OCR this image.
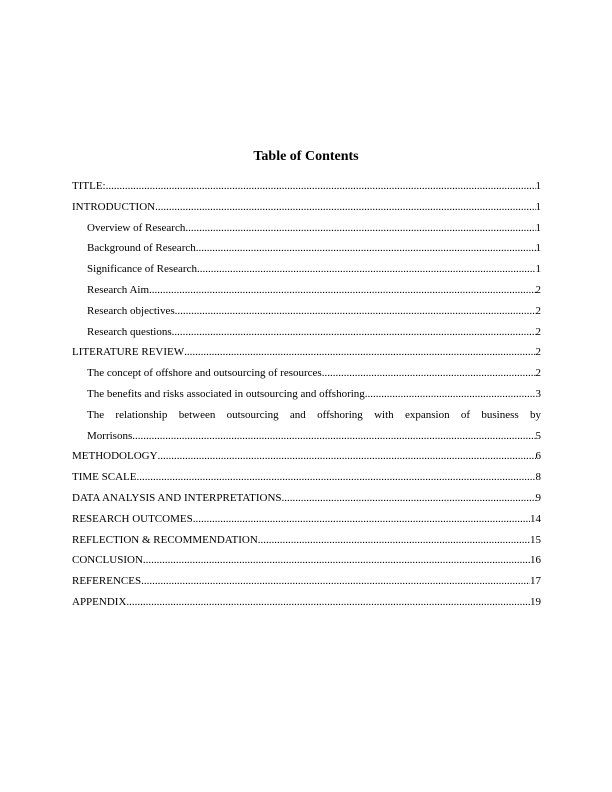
Table of Contents
TITLE: .....	1
INTRODUCTION .....	1
Overview of Research .....	1
Background of Research .....	1
Significance of Research .....	1
Research Aim .....	2
Research objectives .....	2
Research questions .....	2
LITERATURE REVIEW .....	2
The concept of offshore and outsourcing of resources .....	2
The benefits and risks associated in outsourcing and offshoring .....	3
The relationship between outsourcing and offshoring with expansion of business by
Morrisons .....	5
METHODOLOGY .....	6
TIME SCALE .....	8
DATA ANALYSIS AND INTERPRETATIONS .....	9
RESEARCH OUTCOMES .....	14
REFLECTION & RECOMMENDATION .....	15
CONCLUSION .....	16
REFERENCES .....	17
APPENDIX .....	19
